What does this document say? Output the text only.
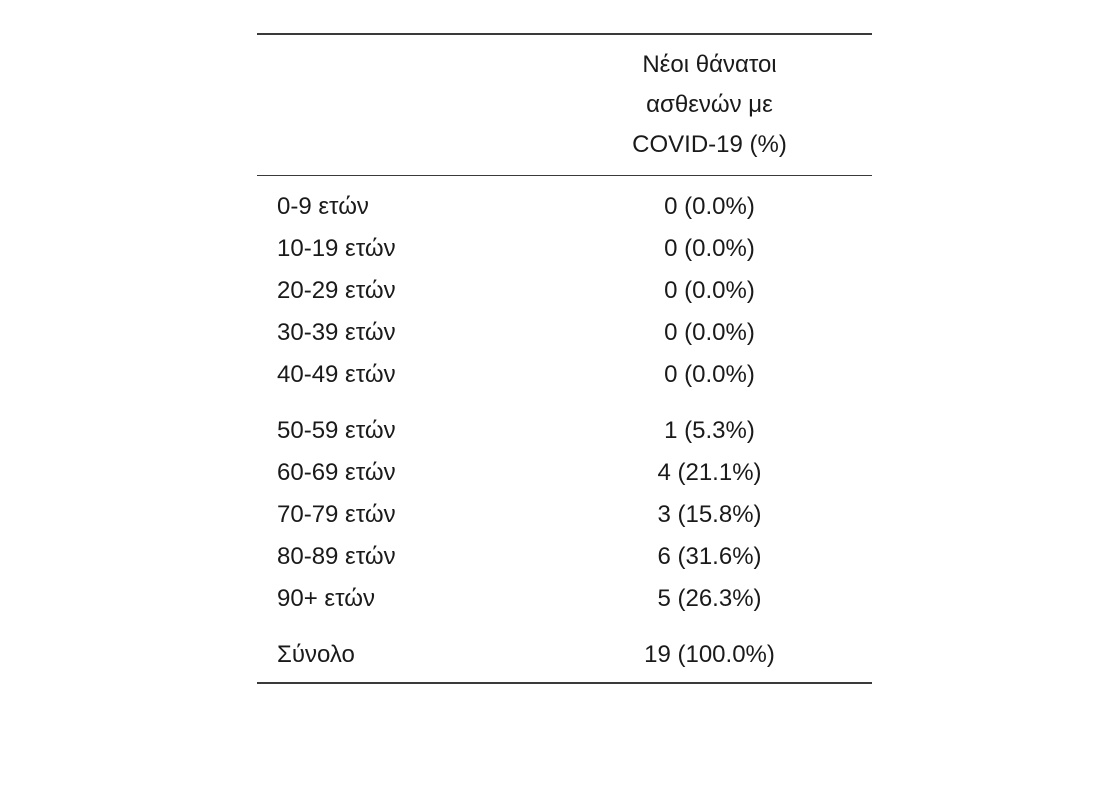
Νέοι θάνατοι
ασθενών με
COVID-19 (%)
0-9 ετών	0 (0.0%)
10-19 ετών	0 (0.0%)
20-29 ετών	0 (0.0%)
30-39 ετών	0 (0.0%)
40-49 ετών	0 (0.0%)
50-59 ετών	1 (5.3%)
60-69 ετών	4 (21.1%)
70-79 ετών	3 (15.8%)
80-89 ετών	6 (31.6%)
90+ ετών	5 (26.3%)
Σύνολο	19 (100.0%)
